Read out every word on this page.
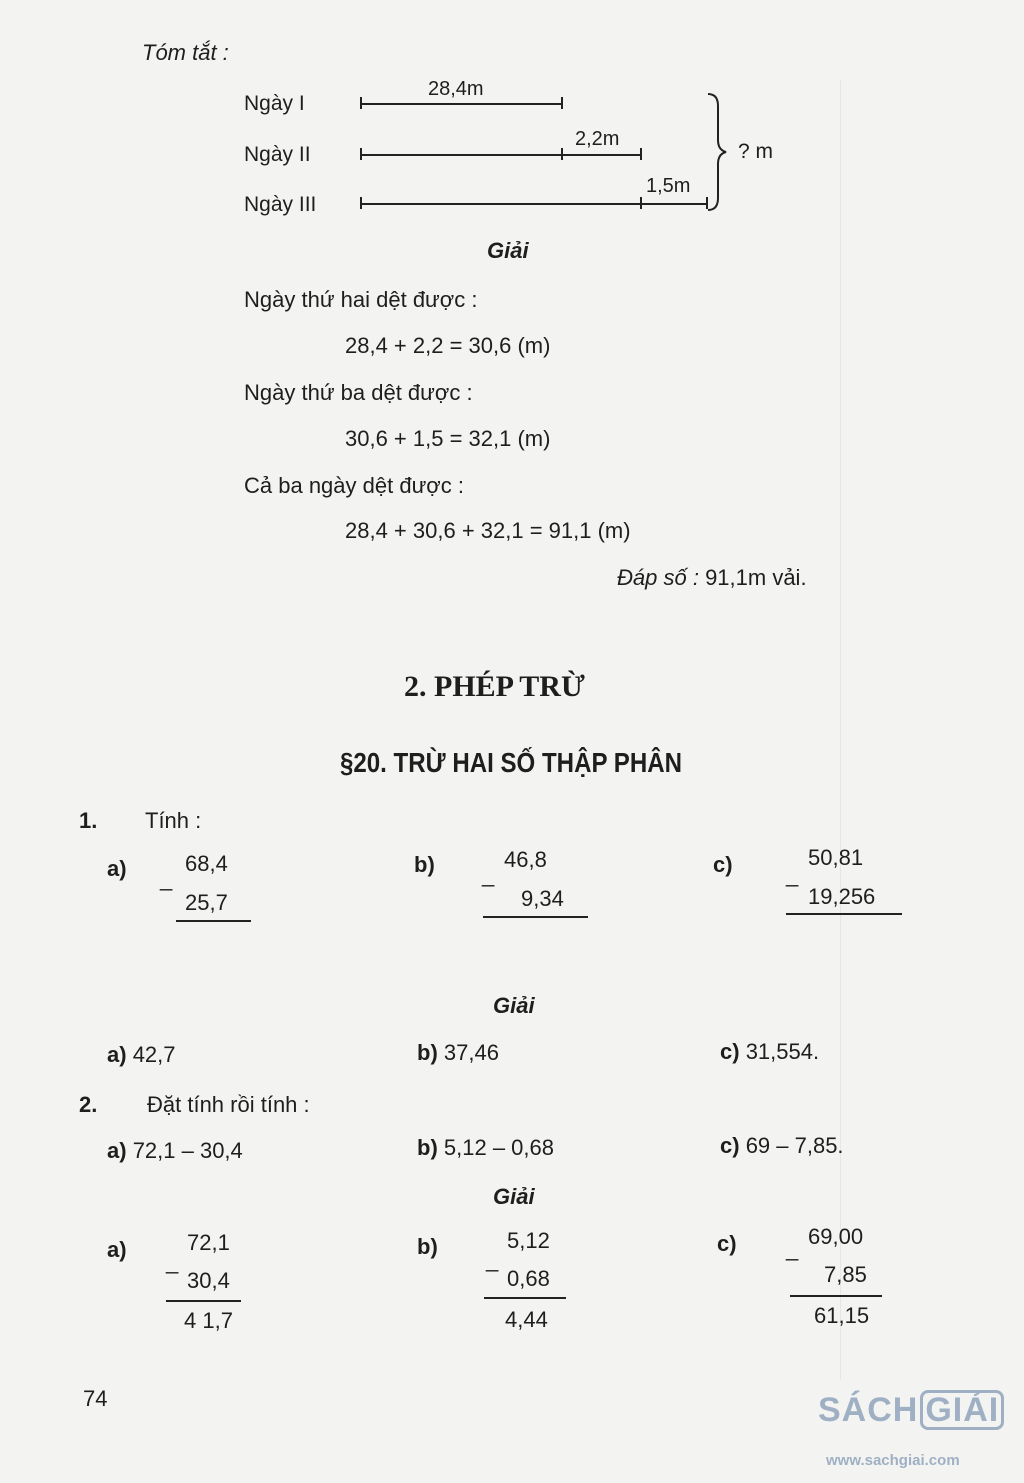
Tóm tắt :
Ngày I
Ngày II
Ngày III
28,4m
2,2m
1,5m
? m
Giải
Ngày thứ hai dệt được :
28,4 + 2,2 = 30,6 (m)
Ngày thứ ba dệt được :
30,6 + 1,5 = 32,1 (m)
Cả ba ngày dệt được :
28,4 + 30,6 + 32,1 = 91,1 (m)
Đáp số : 91,1m vải.
2. PHÉP TRỪ
§20. TRỪ HAI SỐ THẬP PHÂN
1. Tính :
a) _
68,4
25,7
b) _
46,8
9,34
c) _
50,81
19,256
Giải
a) 42,7	b) 37,46	c) 31,554.
2. Đặt tính rồi tính :
a) 72,1 – 30,4	b) 5,12 – 0,68	c) 69 – 7,85.
Giải
a) _
72,1
30,4
4 1,7
b)
_
5,12
0,68
4,44
c) _ 69,00
7,85
61,15
74	SÁCH GIẢI
www.sachgiai.com
